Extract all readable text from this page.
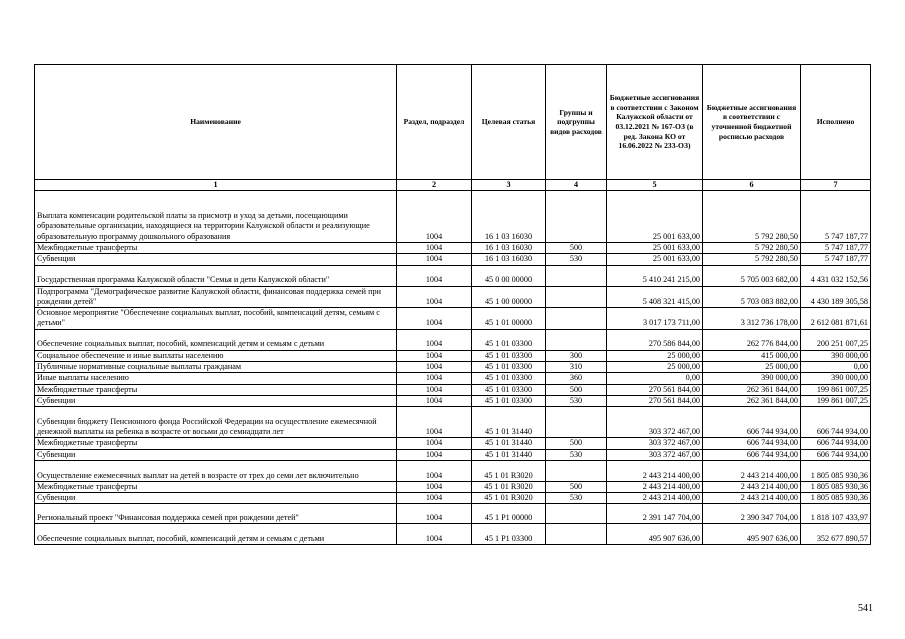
Наименование	Раздел, подраздел	Целевая статья	Группы и подгруппы видов расходов	Бюджетные ассигнования в соответствии с Законом Калужской области от 03.12.2021 № 167-ОЗ (в ред. Закона КО от 16.06.2022 № 233-ОЗ)	Бюджетные ассигнования в соответствии с уточненной бюджетной росписью расходов	Исполнено
1	2	3	4	5	6	7
Выплата компенсации родительской платы за присмотр и уход за детьми, посещающими образовательные организации, находящиеся на территории Калужской области и реализующие образовательную программу дошкольного образования	1004	16 1 03 16030		25 001 633,00	5 792 280,50	5 747 187,77
Межбюджетные трансферты	1004	16 1 03 16030	500	25 001 633,00	5 792 280,50	5 747 187,77
Субвенции	1004	16 1 03 16030	530	25 001 633,00	5 792 280,50	5 747 187,77
Государственная программа Калужской области "Семья и дети Калужской области"	1004	45 0 00 00000		5 410 241 215,00	5 705 003 682,00	4 431 032 152,56
Подпрограмма "Демографическое развитие Калужской области, финансовая поддержка семей при рождении детей"	1004	45 1 00 00000		5 408 321 415,00	5 703 083 882,00	4 430 189 305,58
Основное мероприятие "Обеспечение социальных выплат, пособий, компенсаций детям, семьям с детьми"	1004	45 1 01 00000		3 017 173 711,00	3 312 736 178,00	2 612 081 871,61
Обеспечение социальных выплат, пособий, компенсаций детям и семьям с детьми	1004	45 1 01 03300		270 586 844,00	262 776 844,00	200 251 007,25
Социальное обеспечение и иные выплаты населению	1004	45 1 01 03300	300	25 000,00	415 000,00	390 000,00
Публичные нормативные социальные выплаты гражданам	1004	45 1 01 03300	310	25 000,00	25 000,00	0,00
Иные выплаты населению	1004	45 1 01 03300	360	0,00	390 000,00	390 000,00
Межбюджетные трансферты	1004	45 1 01 03300	500	270 561 844,00	262 361 844,00	199 861 007,25
Субвенции	1004	45 1 01 03300	530	270 561 844,00	262 361 844,00	199 861 007,25
Субвенции бюджету Пенсионного фонда Российской Федерации на осуществление ежемесячной денежной выплаты на ребенка в возрасте от восьми до семнадцати лет	1004	45 1 01 31440		303 372 467,00	606 744 934,00	606 744 934,00
Межбюджетные трансферты	1004	45 1 01 31440	500	303 372 467,00	606 744 934,00	606 744 934,00
Субвенции	1004	45 1 01 31440	530	303 372 467,00	606 744 934,00	606 744 934,00
Осуществление ежемесячных выплат на детей в возрасте от трех до семи лет включительно	1004	45 1 01 R3020		2 443 214 400,00	2 443 214 400,00	1 805 085 930,36
Межбюджетные трансферты	1004	45 1 01 R3020	500	2 443 214 400,00	2 443 214 400,00	1 805 085 930,36
Субвенции	1004	45 1 01 R3020	530	2 443 214 400,00	2 443 214 400,00	1 805 085 930,36
Региональный проект "Финансовая поддержка семей при рождении детей"	1004	45 1 P1 00000		2 391 147 704,00	2 390 347 704,00	1 818 107 433,97
Обеспечение социальных выплат, пособий, компенсаций детям и семьям с детьми	1004	45 1 P1 03300		495 907 636,00	495 907 636,00	352 677 890,57
541
